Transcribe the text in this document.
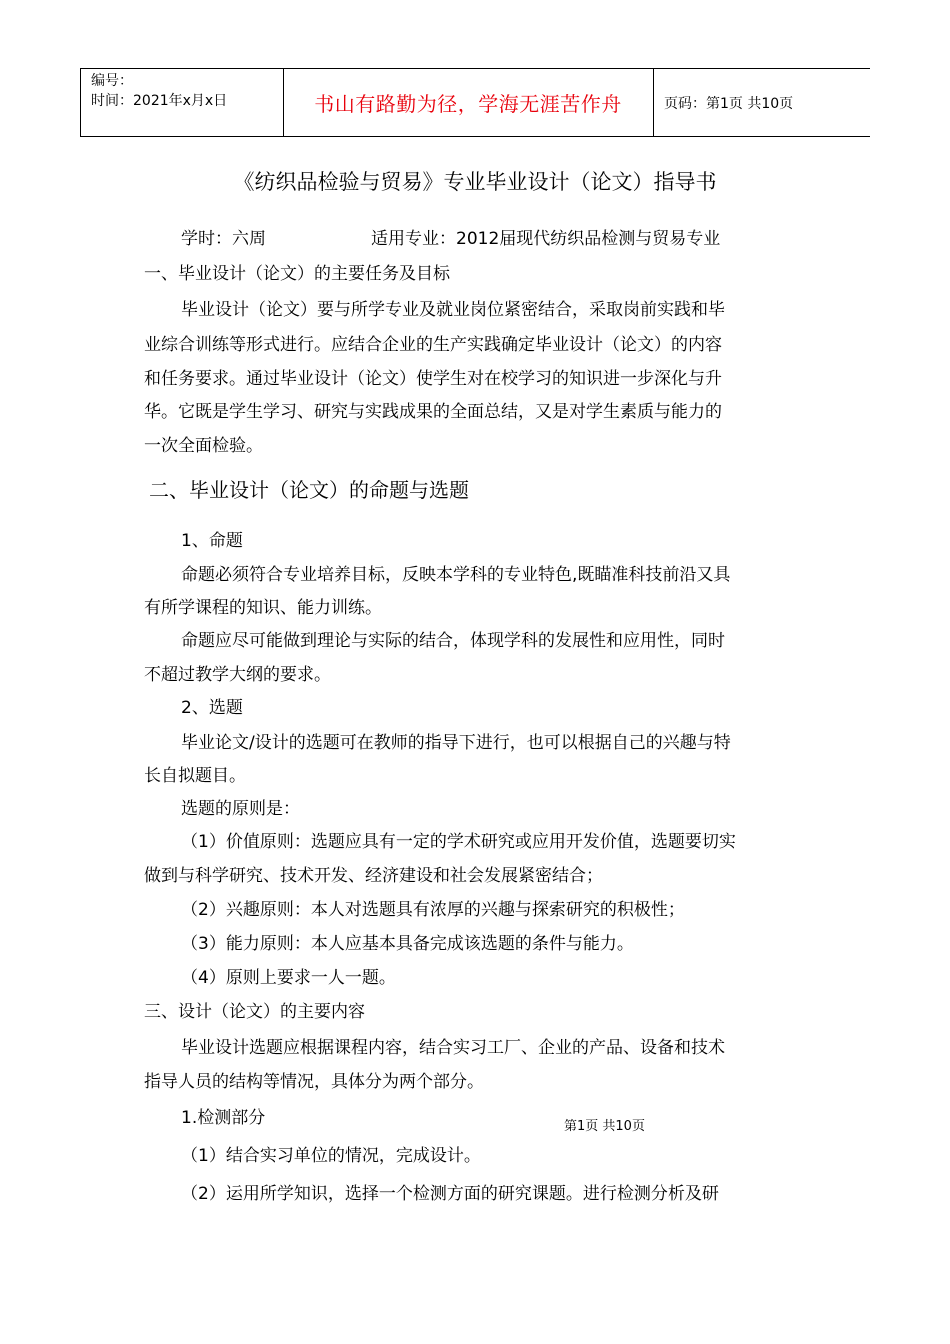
编号：
时间：2021年x月x日	书山有路勤为径，学海无涯苦作舟	页码：第1页 共10页
《纺织品检验与贸易》专业毕业设计（论文）指导书
学时：六周	适用专业：2012届现代纺织品检测与贸易专业
一、毕业设计（论文）的主要任务及目标
毕业设计（论文）要与所学专业及就业岗位紧密结合，采取岗前实践和毕
业综合训练等形式进行。应结合企业的生产实践确定毕业设计（论文）的内容
和任务要求。通过毕业设计（论文）使学生对在校学习的知识进一步深化与升
华。它既是学生学习、研究与实践成果的全面总结，又是对学生素质与能力的
一次全面检验。
二、毕业设计（论文）的命题与选题
1、命题
命题必须符合专业培养目标，反映本学科的专业特色,既瞄准科技前沿又具
有所学课程的知识、能力训练。
命题应尽可能做到理论与实际的结合，体现学科的发展性和应用性，同时
不超过教学大纲的要求。
2、选题
毕业论文/设计的选题可在教师的指导下进行，也可以根据自己的兴趣与特
长自拟题目。
选题的原则是：
（1）价值原则：选题应具有一定的学术研究或应用开发价值，选题要切实
做到与科学研究、技术开发、经济建设和社会发展紧密结合；
（2）兴趣原则：本人对选题具有浓厚的兴趣与探索研究的积极性；
（3）能力原则：本人应基本具备完成该选题的条件与能力。
（4）原则上要求一人一题。
三、设计（论文）的主要内容
毕业设计选题应根据课程内容，结合实习工厂、企业的产品、设备和技术
指导人员的结构等情况，具体分为两个部分。
1.检测部分
（1）结合实习单位的情况，完成设计。
（2）运用所学知识，选择一个检测方面的研究课题。进行检测分析及研
第1页 共10页
